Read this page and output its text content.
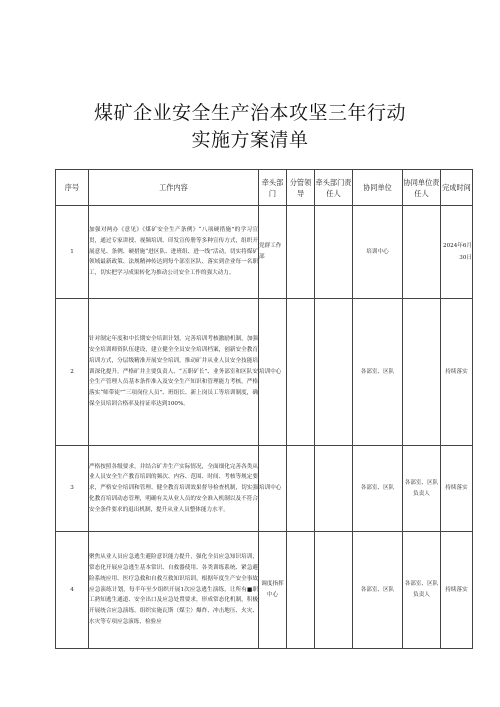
煤矿企业安全生产治本攻坚三年行动
实施方案清单
序号	工作内容	牵头部门	分管领导	牵头部门责任人	协同单位	协同单位责任人	完成时间
1	加强对两办《意见》《煤矿安全生产条例》“八项硬措施”的学习宣贯，通过专家讲授、视频培训、印发宣传册等多种宣传方式，组织开展意见、条例、硬措施“进区队、进班组、进一线”活动，切实将煤矿领域最新政策、法规精神传达到每个部室区队、落实到企业每一名职工，切实把学习成果转化为推动公司安全工作的强大动力。	党群工作部			培训中心		2024年6月30日
2	针对制定年度和中长期安全培训计划，完善培训考核激励机制，加强安全培训师资队伍建设，建立健全全员安全培训档案，创新安全教育培训方式，分层级精准开展安全培训，推动矿井从业人员安全技能培训深化提升。严格矿井主要负责人、“五职矿长”、业务部室和区队安全生产管理人员基本条件准入及安全生产知识和管理能力考核，严格落实“师带徒”“三项岗位人员”、班组长、新上岗员工等培训制度，确保全员培训合格率及持证率达到100%。	培训中心			各部室、区队		持续落实
3	严格按照各级要求，并结合矿井生产实际情况，全面细化完善各类从业人员安全生产教育培训的频次、内容、范围、时间、考核等规定要求，严格安全培训和管理、健全教育培训效果督导检查机制，切实强化教育培训动态管理，明确有关从业人员的安全准入机制以及不符合安全条件要求的退出机制，提升从业人员整体能力水平。	培训中心			各部室、区队	各部室、区队负责人	持续落实
4	聚焦从业人员应急逃生避险意识能力提升，强化全员应急知识培训，常态化开展应急逃生基本常识、自救器使用、各类训练系统、紧急避险系统应用、医疗急救和自救互救知识培训。根据年度生产安全事故应急演练计划，每半年至少组织开展1次应急逃生演练，让所有■职工熟知逃生通道、安全出口及应急处置要求，形成常态化机制，积极开展统合应急演练。组织实施瓦斯（煤尘）爆炸、冲击地压、火灾、水灾等专项应急演练，检验应	调度指挥中心			各部室、区队	各部室、区队负责人	持续落实
